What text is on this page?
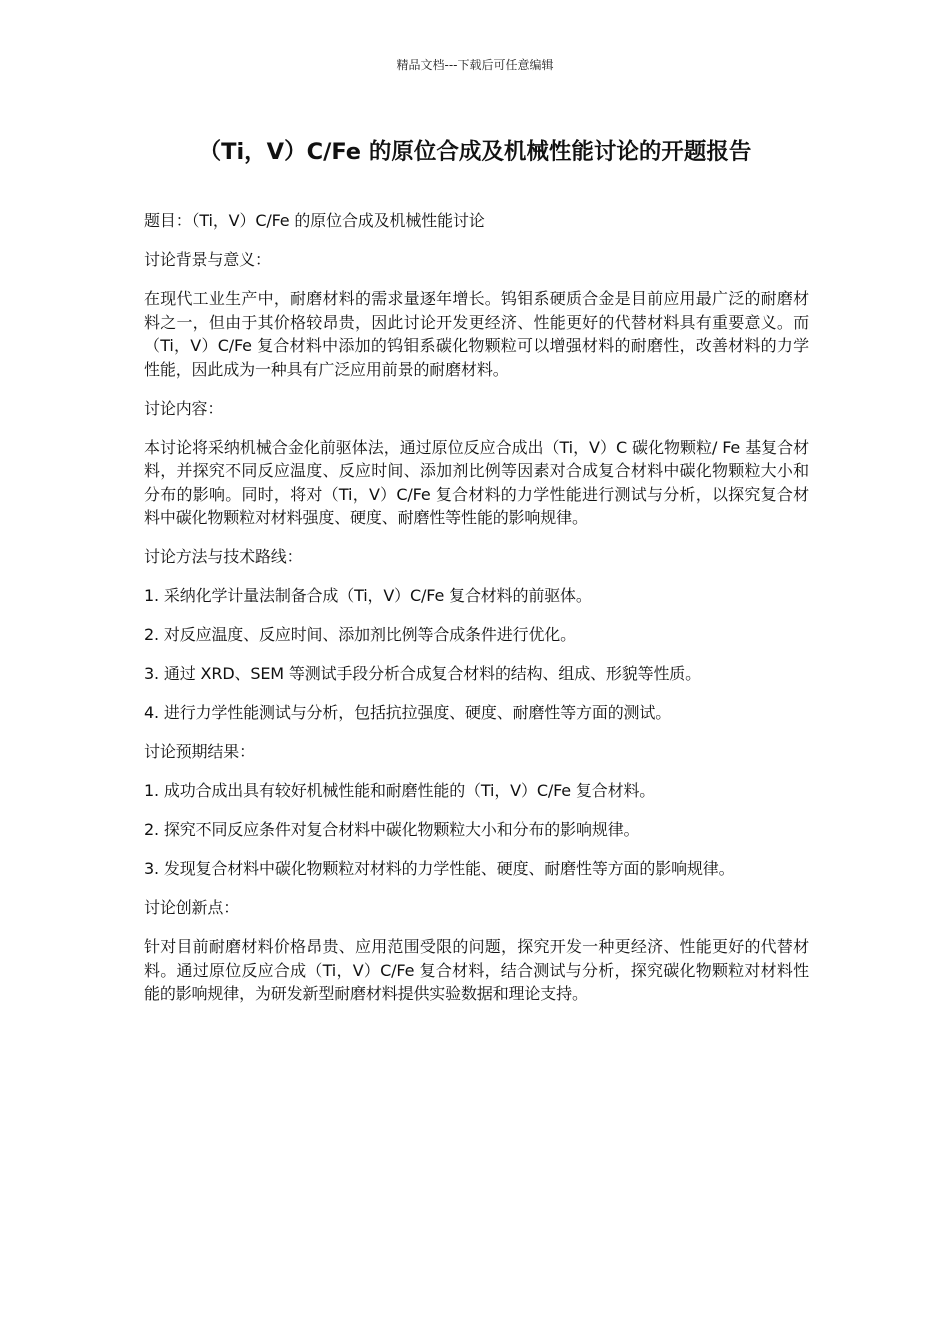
精品文档---下载后可任意编辑
（Ti，V）C/Fe 的原位合成及机械性能讨论的开题报告

题目：（Ti，V）C/Fe 的原位合成及机械性能讨论

讨论背景与意义：

在现代工业生产中，耐磨材料的需求量逐年增长。钨钼系硬质合金是目前应用最广泛的耐磨材料之一，但由于其价格较昂贵，因此讨论开发更经济、性能更好的代替材料具有重要意义。而（Ti，V）C/Fe 复合材料中添加的钨钼系碳化物颗粒可以增强材料的耐磨性，改善材料的力学性能，因此成为一种具有广泛应用前景的耐磨材料。

讨论内容：

本讨论将采纳机械合金化前驱体法，通过原位反应合成出（Ti，V）C 碳化物颗粒/ Fe 基复合材料，并探究不同反应温度、反应时间、添加剂比例等因素对合成复合材料中碳化物颗粒大小和分布的影响。同时，将对（Ti，V）C/Fe 复合材料的力学性能进行测试与分析，以探究复合材料中碳化物颗粒对材料强度、硬度、耐磨性等性能的影响规律。

讨论方法与技术路线：

1. 采纳化学计量法制备合成（Ti，V）C/Fe 复合材料的前驱体。

2. 对反应温度、反应时间、添加剂比例等合成条件进行优化。

3. 通过 XRD、SEM 等测试手段分析合成复合材料的结构、组成、形貌等性质。

4. 进行力学性能测试与分析，包括抗拉强度、硬度、耐磨性等方面的测试。

讨论预期结果：

1. 成功合成出具有较好机械性能和耐磨性能的（Ti，V）C/Fe 复合材料。

2. 探究不同反应条件对复合材料中碳化物颗粒大小和分布的影响规律。

3. 发现复合材料中碳化物颗粒对材料的力学性能、硬度、耐磨性等方面的影响规律。

讨论创新点：

针对目前耐磨材料价格昂贵、应用范围受限的问题，探究开发一种更经济、性能更好的代替材料。通过原位反应合成（Ti，V）C/Fe 复合材料，结合测试与分析，探究碳化物颗粒对材料性能的影响规律，为研发新型耐磨材料提供实验数据和理论支持。
